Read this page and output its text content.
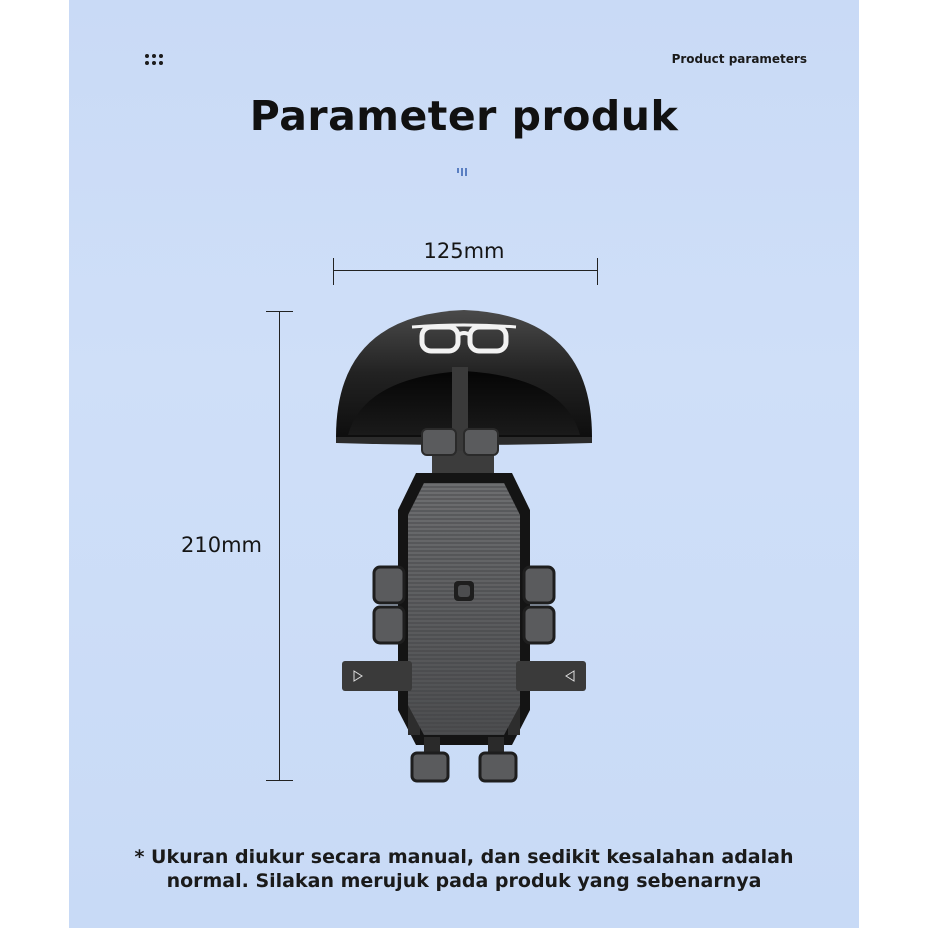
Product parameters
Parameter produk
125mm
210mm
* Ukuran diukur secara manual, dan sedikit kesalahan adalah
normal. Silakan merujuk pada produk yang sebenarnya
